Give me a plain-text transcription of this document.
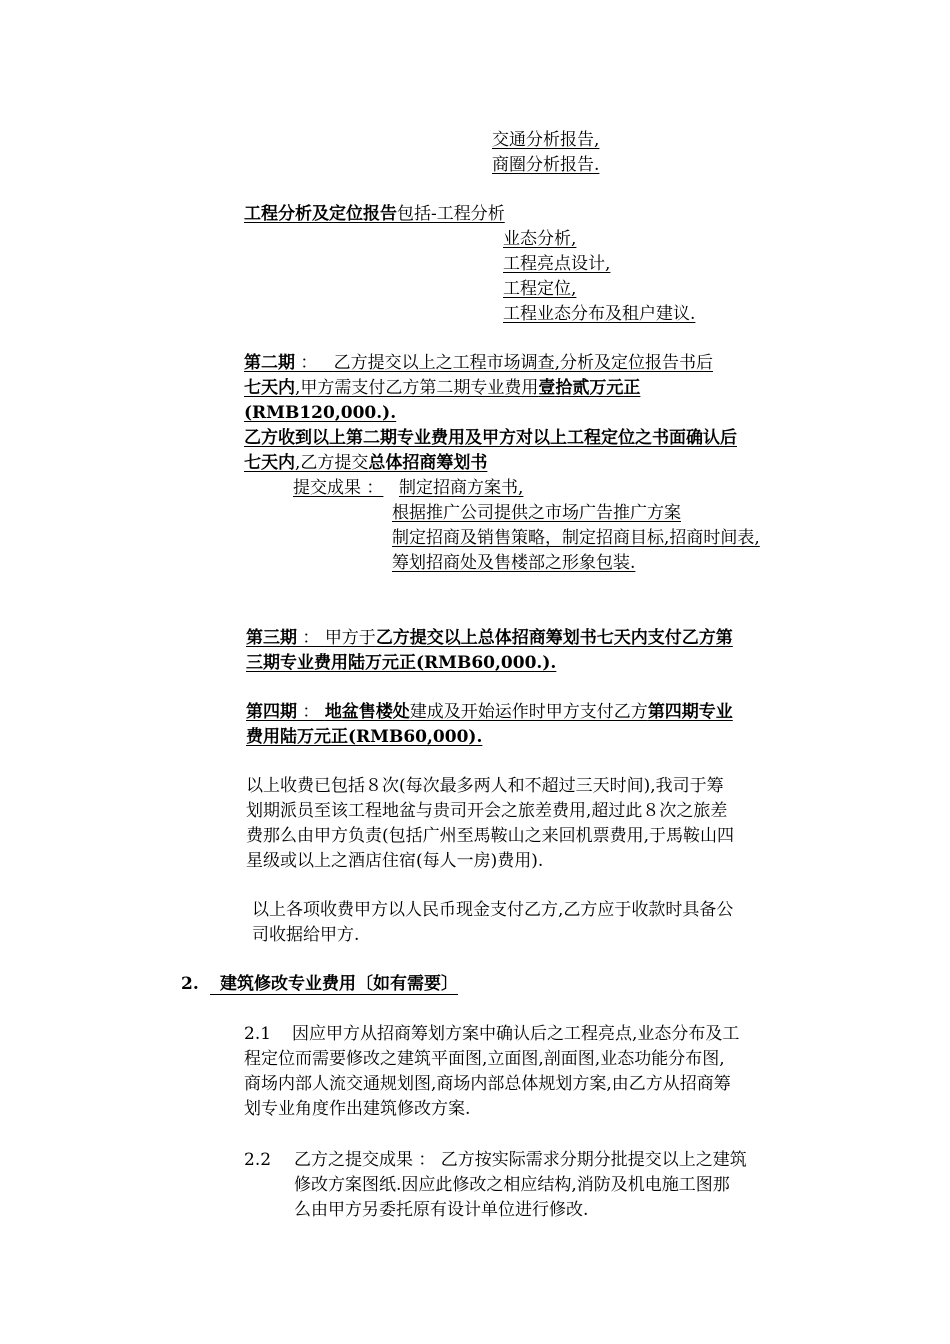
交通分析报告,
商圈分析报告.
工程分析及定位报告包括-工程分析
业态分析,
工程亮点设计,
工程定位,
工程业态分布及租户建议.
第二期 ：   乙方提交以上之工程市场调查,分析及定位报告书后
七天内,甲方需支付乙方第二期专业费用壹拾贰万元正
(RMB120,000.).
乙方收到以上第二期专业费用及甲方对以上工程定位之书面确认后
七天内,乙方提交总体招商筹划书
提交成果 ： 制定招商方案书,
根据推广公司提供之市场广告推广方案
制定招商及销售策略，制定招商目标,招商时间表,
筹划招商处及售楼部之形象包装.
第三期 ： 甲方于乙方提交以上总体招商筹划书七天内支付乙方第
三期专业费用陆万元正(RMB60,000.).
第四期 ： 地盆售楼处建成及开始运作时甲方支付乙方第四期专业
费用陆万元正(RMB60,000).
以上收费已包括８次(每次最多两人和不超过三天时间),我司于筹
划期派员至该工程地盆与贵司开会之旅差费用,超过此８次之旅差
费那么由甲方负责(包括广州至馬鞍山之来回机票费用,于馬鞍山四
星级或以上之酒店住宿(每人一房)费用).
以上各项收费甲方以人民币现金支付乙方,乙方应于收款时具备公
司收据给甲方.
2.	建筑修改专业费用〔如有需要〕
2.1 因应甲方从招商筹划方案中确认后之工程亮点,业态分布及工
程定位而需要修改之建筑平面图,立面图,剖面图,业态功能分布图,
商场内部人流交通规划图,商场内部总体规划方案,由乙方从招商筹
划专业角度作出建筑修改方案.
2.2 乙方之提交成果 ： 乙方按实际需求分期分批提交以上之建筑
修改方案图纸.因应此修改之相应结构,消防及机电施工图那
么由甲方另委托原有设计单位进行修改.
